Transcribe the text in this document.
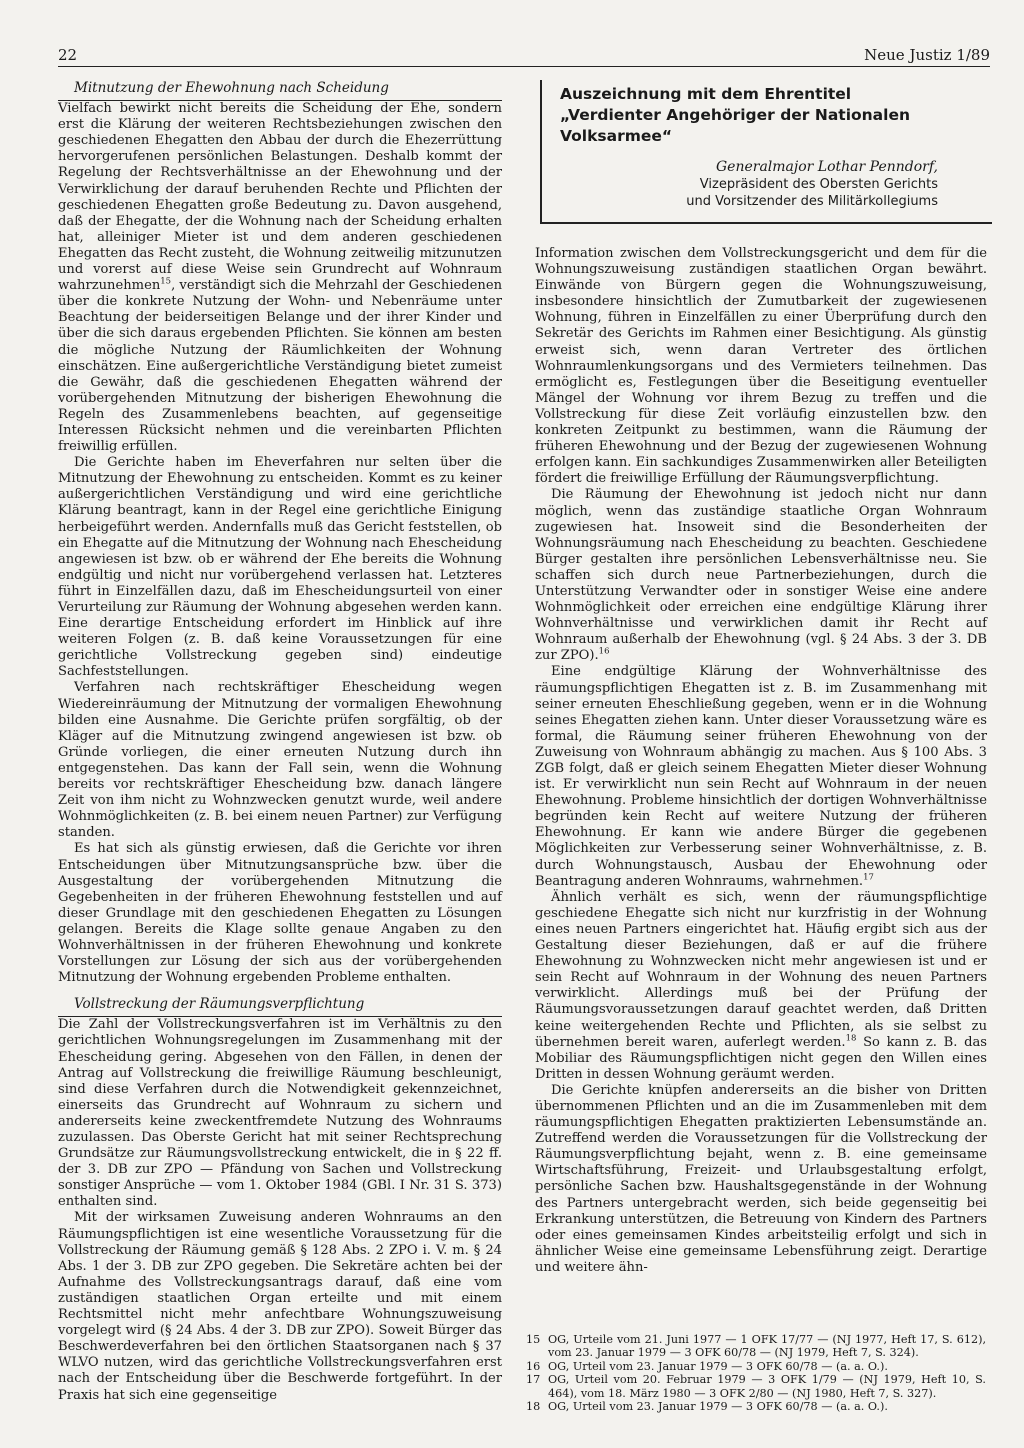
22	Neue Justiz 1/89
Auszeichnung mit dem Ehrentitel
„Verdienter Angehöriger der Nationalen Volksarmee“
Generalmajor Lothar Penndorf,
Vizepräsident des Obersten Gerichts
und Vorsitzender des Militärkollegiums

Mitnutzung der Ehewohnung nach Scheidung

Vielfach bewirkt nicht bereits die Scheidung der Ehe, sondern erst die Klärung der weiteren Rechtsbeziehungen zwischen den geschiedenen Ehegatten den Abbau der durch die Ehezerrüttung hervorgerufenen persönlichen Belastungen. Deshalb kommt der Regelung der Rechtsverhältnisse an der Ehewohnung und der Verwirklichung der darauf beruhenden Rechte und Pflichten der geschiedenen Ehegatten große Bedeutung zu. Davon ausgehend, daß der Ehegatte, der die Wohnung nach der Scheidung erhalten hat, alleiniger Mieter ist und dem anderen geschiedenen Ehegatten das Recht zusteht, die Wohnung zeitweilig mitzunutzen und vorerst auf diese Weise sein Grundrecht auf Wohnraum wahrzunehmen$^{15}$, verständigt sich die Mehrzahl der Geschiedenen über die konkrete Nutzung der Wohn- und Nebenräume unter Beachtung der beiderseitigen Belange und der ihrer Kinder und über die sich daraus ergebenden Pflichten. Sie können am besten die mögliche Nutzung der Räumlichkeiten der Wohnung einschätzen. Eine außergerichtliche Verständigung bietet zumeist die Gewähr, daß die geschiedenen Ehegatten während der vorübergehenden Mitnutzung der bisherigen Ehewohnung die Regeln des Zusammenlebens beachten, auf gegenseitige Interessen Rücksicht nehmen und die vereinbarten Pflichten freiwillig erfüllen.

Die Gerichte haben im Eheverfahren nur selten über die Mitnutzung der Ehewohnung zu entscheiden. Kommt es zu keiner außergerichtlichen Verständigung und wird eine gerichtliche Klärung beantragt, kann in der Regel eine gerichtliche Einigung herbeigeführt werden. Andernfalls muß das Gericht feststellen, ob ein Ehegatte auf die Mitnutzung der Wohnung nach Ehescheidung angewiesen ist bzw. ob er während der Ehe bereits die Wohnung endgültig und nicht nur vorübergehend verlassen hat. Letzteres führt in Einzelfällen dazu, daß im Ehescheidungsurteil von einer Verurteilung zur Räumung der Wohnung abgesehen werden kann. Eine derartige Entscheidung erfordert im Hinblick auf ihre weiteren Folgen (z. B. daß keine Voraussetzungen für eine gerichtliche Vollstreckung gegeben sind) eindeutige Sachfeststellungen.

Verfahren nach rechtskräftiger Ehescheidung wegen Wiedereinräumung der Mitnutzung der vormaligen Ehewohnung bilden eine Ausnahme. Die Gerichte prüfen sorgfältig, ob der Kläger auf die Mitnutzung zwingend angewiesen ist bzw. ob Gründe vorliegen, die einer erneuten Nutzung durch ihn entgegenstehen. Das kann der Fall sein, wenn die Wohnung bereits vor rechtskräftiger Ehescheidung bzw. danach längere Zeit von ihm nicht zu Wohnzwecken genutzt wurde, weil andere Wohnmöglichkeiten (z. B. bei einem neuen Partner) zur Verfügung standen.

Es hat sich als günstig erwiesen, daß die Gerichte vor ihren Entscheidungen über Mitnutzungsansprüche bzw. über die Ausgestaltung der vorübergehenden Mitnutzung die Gegebenheiten in der früheren Ehewohnung feststellen und auf dieser Grundlage mit den geschiedenen Ehegatten zu Lösungen gelangen. Bereits die Klage sollte genaue Angaben zu den Wohnverhältnissen in der früheren Ehewohnung und konkrete Vorstellungen zur Lösung der sich aus der vorübergehenden Mitnutzung der Wohnung ergebenden Probleme enthalten.

Vollstreckung der Räumungsverpflichtung

Die Zahl der Vollstreckungsverfahren ist im Verhältnis zu den gerichtlichen Wohnungsregelungen im Zusammenhang mit der Ehescheidung gering. Abgesehen von den Fällen, in denen der Antrag auf Vollstreckung die freiwillige Räumung beschleunigt, sind diese Verfahren durch die Notwendigkeit gekennzeichnet, einerseits das Grundrecht auf Wohnraum zu sichern und andererseits keine zweckentfremdete Nutzung des Wohnraums zuzulassen. Das Oberste Gericht hat mit seiner Rechtsprechung Grundsätze zur Räumungsvollstreckung entwickelt, die in § 22 ff. der 3. DB zur ZPO — Pfändung von Sachen und Vollstreckung sonstiger Ansprüche — vom 1. Oktober 1984 (GBl. I Nr. 31 S. 373) enthalten sind.

Mit der wirksamen Zuweisung anderen Wohnraums an den Räumungspflichtigen ist eine wesentliche Voraussetzung für die Vollstreckung der Räumung gemäß § 128 Abs. 2 ZPO i. V. m. § 24 Abs. 1 der 3. DB zur ZPO gegeben. Die Sekretäre achten bei der Aufnahme des Vollstreckungsantrags darauf, daß eine vom zuständigen staatlichen Organ erteilte und mit einem Rechtsmittel nicht mehr anfechtbare Wohnungszuweisung vorgelegt wird (§ 24 Abs. 4 der 3. DB zur ZPO). Soweit Bürger das Beschwerdeverfahren bei den örtlichen Staatsorganen nach § 37 WLVO nutzen, wird das gerichtliche Vollstreckungsverfahren erst nach der Entscheidung über die Beschwerde fortgeführt. In der Praxis hat sich eine gegenseitige

Information zwischen dem Vollstreckungsgericht und dem für die Wohnungszuweisung zuständigen staatlichen Organ bewährt. Einwände von Bürgern gegen die Wohnungszuweisung, insbesondere hinsichtlich der Zumutbarkeit der zugewiesenen Wohnung, führen in Einzelfällen zu einer Überprüfung durch den Sekretär des Gerichts im Rahmen einer Besichtigung. Als günstig erweist sich, wenn daran Vertreter des örtlichen Wohnraumlenkungsorgans und des Vermieters teilnehmen. Das ermöglicht es, Festlegungen über die Beseitigung eventueller Mängel der Wohnung vor ihrem Bezug zu treffen und die Vollstreckung für diese Zeit vorläufig einzustellen bzw. den konkreten Zeitpunkt zu bestimmen, wann die Räumung der früheren Ehewohnung und der Bezug der zugewiesenen Wohnung erfolgen kann. Ein sachkundiges Zusammenwirken aller Beteiligten fördert die freiwillige Erfüllung der Räumungsverpflichtung.

Die Räumung der Ehewohnung ist jedoch nicht nur dann möglich, wenn das zuständige staatliche Organ Wohnraum zugewiesen hat. Insoweit sind die Besonderheiten der Wohnungsräumung nach Ehescheidung zu beachten. Geschiedene Bürger gestalten ihre persönlichen Lebensverhältnisse neu. Sie schaffen sich durch neue Partnerbeziehungen, durch die Unterstützung Verwandter oder in sonstiger Weise eine andere Wohnmöglichkeit oder erreichen eine endgültige Klärung ihrer Wohnverhältnisse und verwirklichen damit ihr Recht auf Wohnraum außerhalb der Ehewohnung (vgl. § 24 Abs. 3 der 3. DB zur ZPO).$^{16}$

Eine endgültige Klärung der Wohnverhältnisse des räumungspflichtigen Ehegatten ist z. B. im Zusammenhang mit seiner erneuten Eheschließung gegeben, wenn er in die Wohnung seines Ehegatten ziehen kann. Unter dieser Voraussetzung wäre es formal, die Räumung seiner früheren Ehewohnung von der Zuweisung von Wohnraum abhängig zu machen. Aus § 100 Abs. 3 ZGB folgt, daß er gleich seinem Ehegatten Mieter dieser Wohnung ist. Er verwirklicht nun sein Recht auf Wohnraum in der neuen Ehewohnung. Probleme hinsichtlich der dortigen Wohnverhältnisse begründen kein Recht auf weitere Nutzung der früheren Ehewohnung. Er kann wie andere Bürger die gegebenen Möglichkeiten zur Verbesserung seiner Wohnverhältnisse, z. B. durch Wohnungstausch, Ausbau der Ehewohnung oder Beantragung anderen Wohnraums, wahrnehmen.$^{17}$

Ähnlich verhält es sich, wenn der räumungspflichtige geschiedene Ehegatte sich nicht nur kurzfristig in der Wohnung eines neuen Partners eingerichtet hat. Häufig ergibt sich aus der Gestaltung dieser Beziehungen, daß er auf die frühere Ehewohnung zu Wohnzwecken nicht mehr angewiesen ist und er sein Recht auf Wohnraum in der Wohnung des neuen Partners verwirklicht. Allerdings muß bei der Prüfung der Räumungsvoraussetzungen darauf geachtet werden, daß Dritten keine weitergehenden Rechte und Pflichten, als sie selbst zu übernehmen bereit waren, auferlegt werden.$^{18}$ So kann z. B. das Mobiliar des Räumungspflichtigen nicht gegen den Willen eines Dritten in dessen Wohnung geräumt werden.

Die Gerichte knüpfen andererseits an die bisher von Dritten übernommenen Pflichten und an die im Zusammenleben mit dem räumungspflichtigen Ehegatten praktizierten Lebensumstände an. Zutreffend werden die Voraussetzungen für die Vollstreckung der Räumungsverpflichtung bejaht, wenn z. B. eine gemeinsame Wirtschaftsführung, Freizeit- und Urlaubsgestaltung erfolgt, persönliche Sachen bzw. Haushaltsgegenstände in der Wohnung des Partners untergebracht werden, sich beide gegenseitig bei Erkrankung unterstützen, die Betreuung von Kindern des Partners oder eines gemeinsamen Kindes arbeitsteilig erfolgt und sich in ähnlicher Weise eine gemeinsame Lebensführung zeigt. Derartige und weitere ähn-

15 OG, Urteile vom 21. Juni 1977 — 1 OFK 17/77 — (NJ 1977, Heft 17, S. 612), vom 23. Januar 1979 — 3 OFK 60/78 — (NJ 1979, Heft 7, S. 324).
16 OG, Urteil vom 23. Januar 1979 — 3 OFK 60/78 — (a. a. O.).
17 OG, Urteil vom 20. Februar 1979 — 3 OFK 1/79 — (NJ 1979, Heft 10, S. 464), vom 18. März 1980 — 3 OFK 2/80 — (NJ 1980, Heft 7, S. 327).
18 OG, Urteil vom 23. Januar 1979 — 3 OFK 60/78 — (a. a. O.).
